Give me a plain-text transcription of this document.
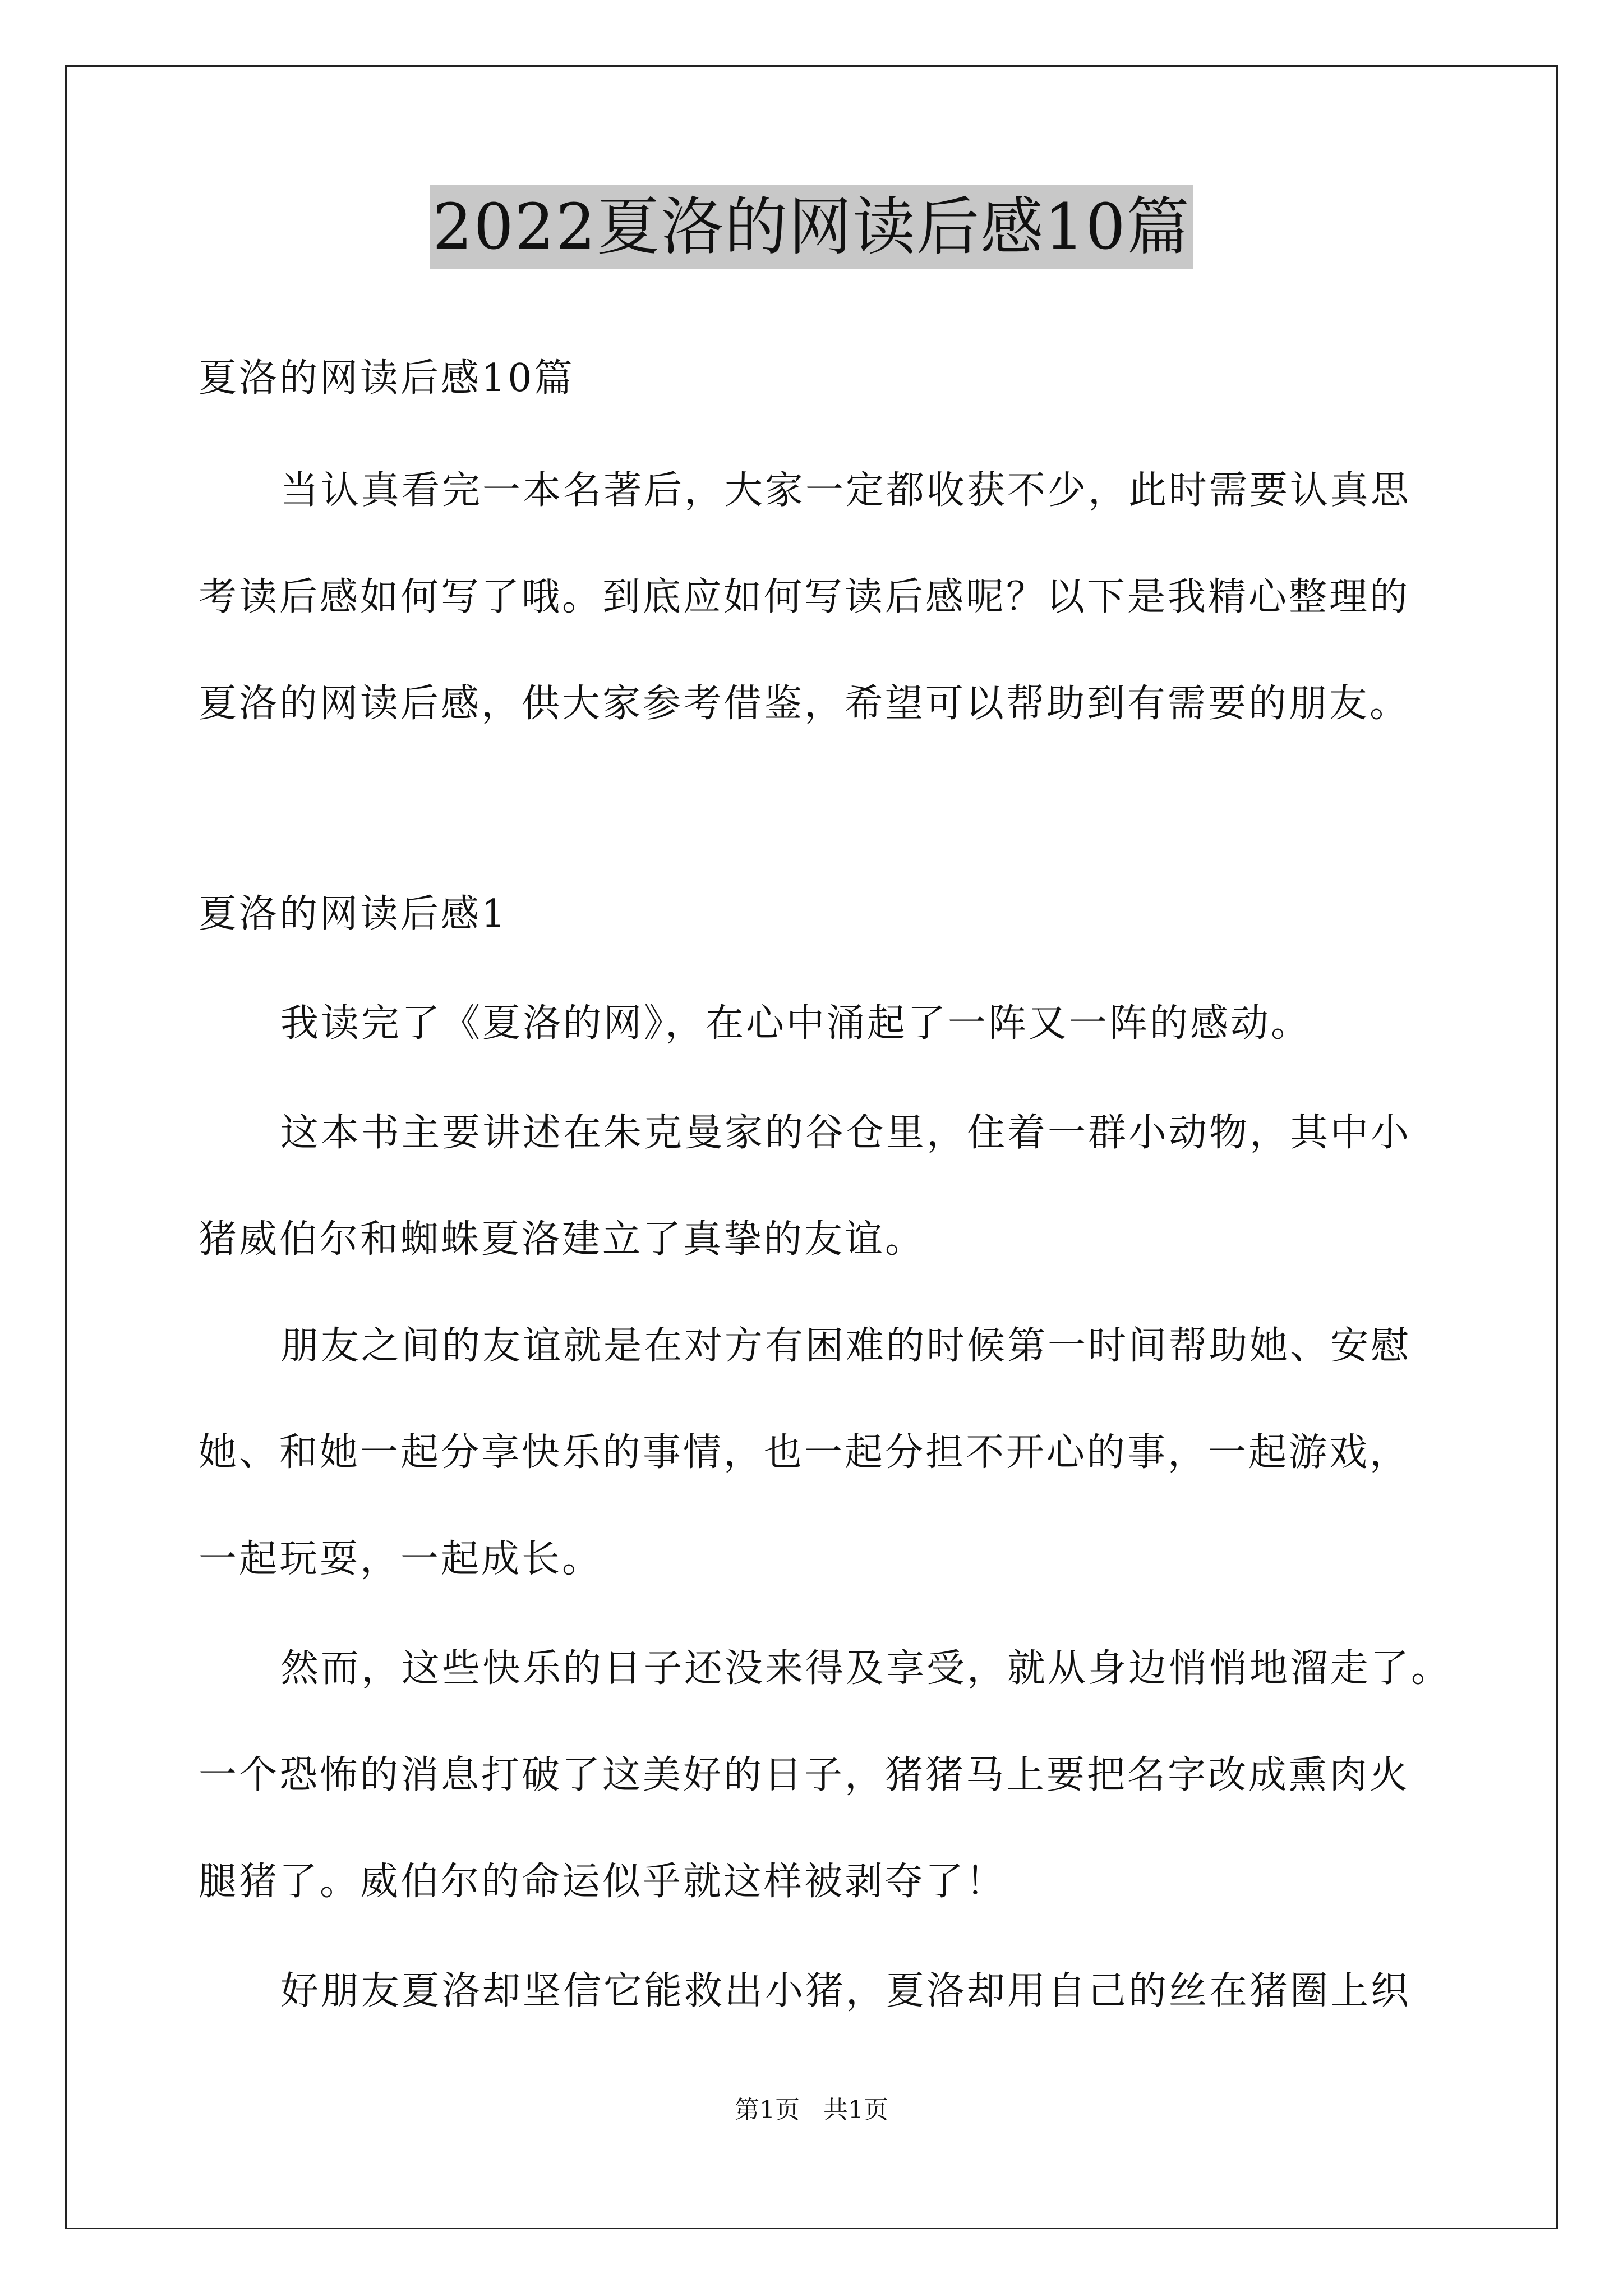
2022夏洛的网读后感10篇
夏洛的网读后感10篇
当认真看完一本名著后，大家一定都收获不少，此时需要认真思
考读后感如何写了哦。到底应如何写读后感呢？以下是我精心整理的
夏洛的网读后感，供大家参考借鉴，希望可以帮助到有需要的朋友。
夏洛的网读后感1
我读完了《夏洛的网》，在心中涌起了一阵又一阵的感动。
这本书主要讲述在朱克曼家的谷仓里，住着一群小动物，其中小
猪威伯尔和蜘蛛夏洛建立了真挚的友谊。
朋友之间的友谊就是在对方有困难的时候第一时间帮助她、安慰
她、和她一起分享快乐的事情，也一起分担不开心的事，一起游戏，
一起玩耍，一起成长。
然而，这些快乐的日子还没来得及享受，就从身边悄悄地溜走了。
一个恐怖的消息打破了这美好的日子，猪猪马上要把名字改成熏肉火
腿猪了。威伯尔的命运似乎就这样被剥夺了！
好朋友夏洛却坚信它能救出小猪，夏洛却用自己的丝在猪圈上织
第1页   共1页
